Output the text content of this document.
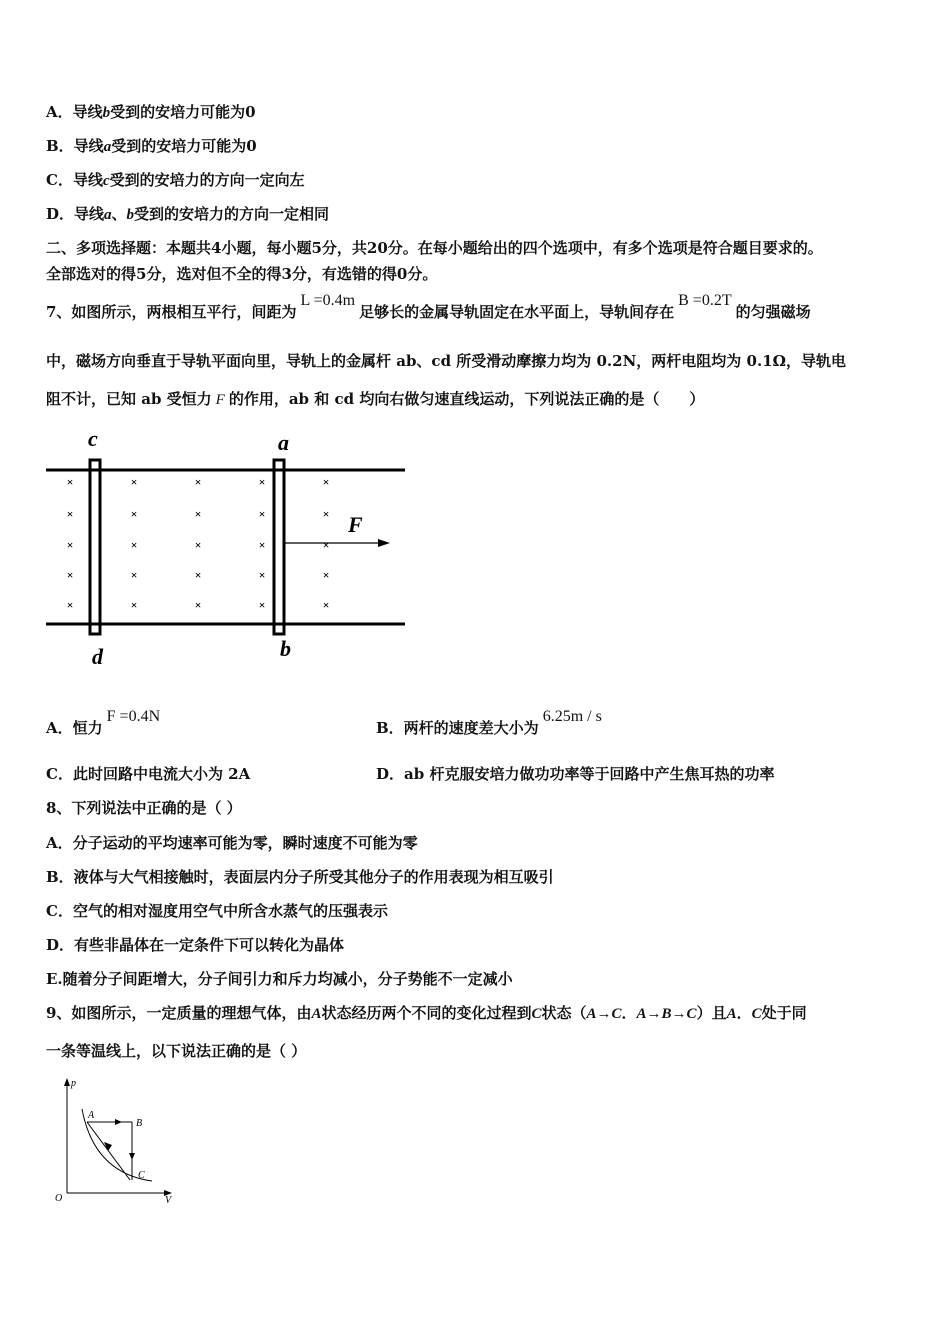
A．导线b受到的安培力可能为0
B．导线a受到的安培力可能为0
C．导线c受到的安培力的方向一定向左
D．导线a、b受到的安培力的方向一定相同
二、多项选择题：本题共4小题，每小题5分，共20分。在每小题给出的四个选项中，有多个选项是符合题目要求的。
全部选对的得5分，选对但不全的得3分，有选错的得0分。
7、如图所示，两根相互平行，间距为L =0.4m足够长的金属导轨固定在水平面上，导轨间存在B =0.2T的匀强磁场
中，磁场方向垂直于导轨平面向里，导轨上的金属杆 ab、cd 所受滑动摩擦力均为 0.2N，两杆电阻均为 0.1Ω，导轨电
阻不计，已知 ab 受恒力 F 的作用，ab 和 cd 均向右做匀速直线运动，下列说法正确的是（　　）
×	×	×	×	×
×	×	×	×	×
×	×	×	×	×
×	×	×	×	×
×	×	×	×	×
F
c	a
d	b
A．恒力F =0.4N
B．两杆的速度差大小为6.25m / s
C．此时回路中电流大小为 2A	D．ab 杆克服安培力做功功率等于回路中产生焦耳热的功率
8、下列说法中正确的是（ ）
A．分子运动的平均速率可能为零，瞬时速度不可能为零
B．液体与大气相接触时，表面层内分子所受其他分子的作用表现为相互吸引
C．空气的相对湿度用空气中所含水蒸气的压强表示
D．有些非晶体在一定条件下可以转化为晶体
E.随着分子间距增大，分子间引力和斥力均减小，分子势能不一定减小
9、如图所示，一定质量的理想气体，由A状态经历两个不同的变化过程到C状态（A→C．A→B→C）且A．C处于同
一条等温线上，以下说法正确的是（ ）
p
V
O
A
B
C
